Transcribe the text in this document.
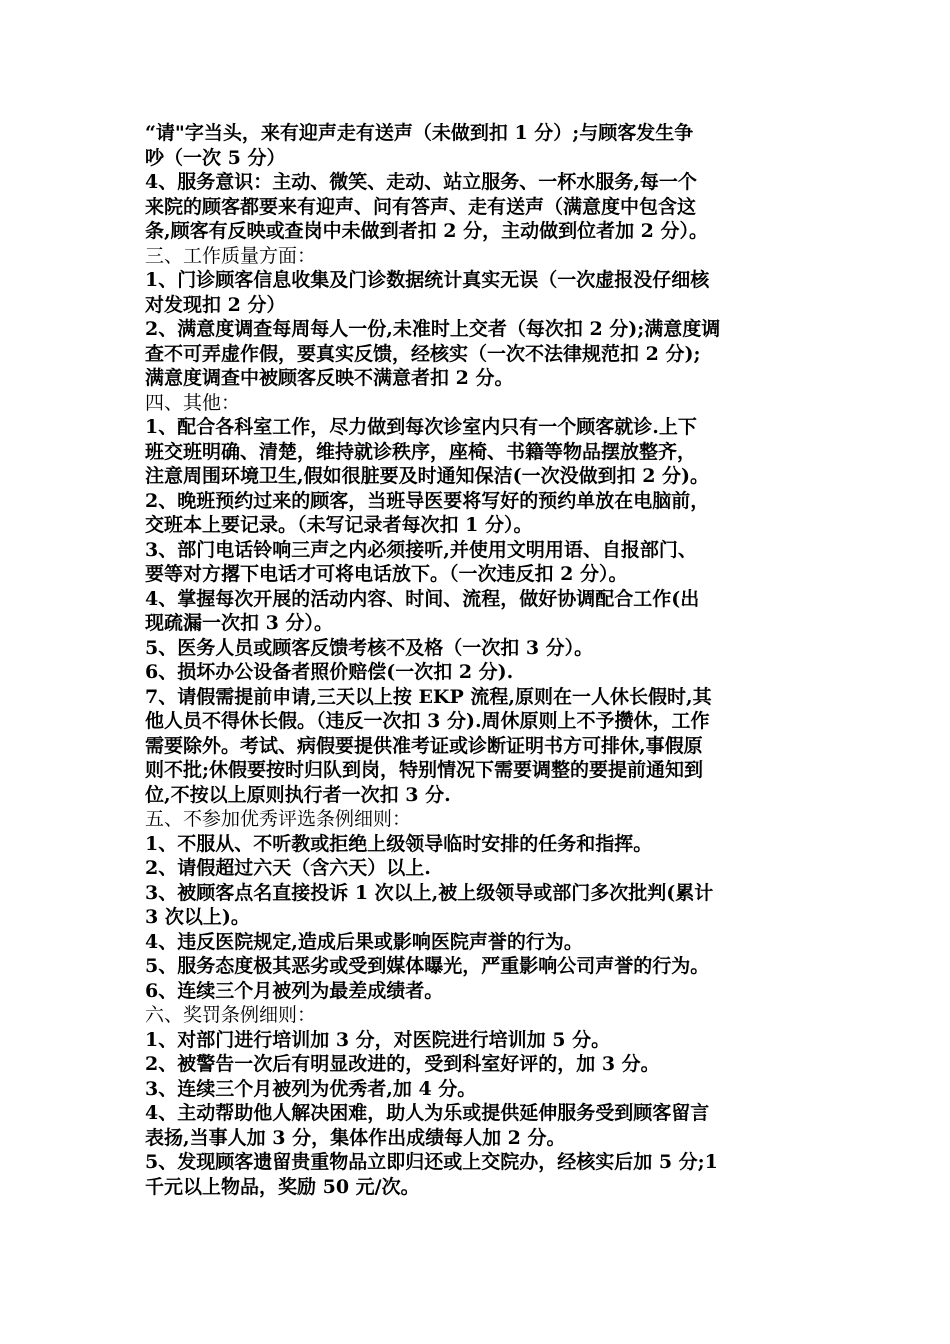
“请"字当头，来有迎声走有送声（未做到扣 1 分）;与顾客发生争
吵（一次 5 分）
4、服务意识：主动、微笑、走动、站立服务、一杯水服务,每一个
来院的顾客都要来有迎声、问有答声、走有送声（满意度中包含这
条,顾客有反映或查岗中未做到者扣 2 分，主动做到位者加 2 分）。
三、工作质量方面：
1、门诊顾客信息收集及门诊数据统计真实无误（一次虚报没仔细核
对发现扣 2 分）
2、满意度调查每周每人一份,未准时上交者（每次扣 2 分);满意度调
查不可弄虚作假，要真实反馈，经核实（一次不法律规范扣 2 分);
满意度调查中被顾客反映不满意者扣 2 分。
四、其他：
1、配合各科室工作，尽力做到每次诊室内只有一个顾客就诊.上下
班交班明确、清楚，维持就诊秩序，座椅、书籍等物品摆放整齐，
注意周围环境卫生,假如很脏要及时通知保洁(一次没做到扣 2 分)。
2、晚班预约过来的顾客，当班导医要将写好的预约单放在电脑前，
交班本上要记录。（未写记录者每次扣 1 分）。
3、部门电话铃响三声之内必须接听,并使用文明用语、自报部门、
要等对方撂下电话才可将电话放下。（一次违反扣 2 分）。
4、掌握每次开展的活动内容、时间、流程，做好协调配合工作(出
现疏漏一次扣 3 分）。
5、医务人员或顾客反馈考核不及格（一次扣 3 分）。
6、损坏办公设备者照价赔偿(一次扣 2 分).
7、请假需提前申请,三天以上按 EKP 流程,原则在一人休长假时,其
他人员不得休长假。（违反一次扣 3 分).周休原则上不予攒休，工作
需要除外。考试、病假要提供准考证或诊断证明书方可排休,事假原
则不批;休假要按时归队到岗，特别情况下需要调整的要提前通知到
位,不按以上原则执行者一次扣 3 分.
五、不参加优秀评选条例细则：
1、不服从、不听教或拒绝上级领导临时安排的任务和指挥。
2、请假超过六天（含六天）以上.
3、被顾客点名直接投诉 1 次以上,被上级领导或部门多次批判(累计
3 次以上)。
4、违反医院规定,造成后果或影响医院声誉的行为。
5、服务态度极其恶劣或受到媒体曝光，严重影响公司声誉的行为。
6、连续三个月被列为最差成绩者。
六、奖罚条例细则：
1、对部门进行培训加 3 分，对医院进行培训加 5 分。
2、被警告一次后有明显改进的，受到科室好评的，加 3 分。
3、连续三个月被列为优秀者,加 4 分。
4、主动帮助他人解决困难，助人为乐或提供延伸服务受到顾客留言
表扬,当事人加 3 分，集体作出成绩每人加 2 分。
5、发现顾客遗留贵重物品立即归还或上交院办，经核实后加 5 分;1
千元以上物品，奖励 50 元/次。
